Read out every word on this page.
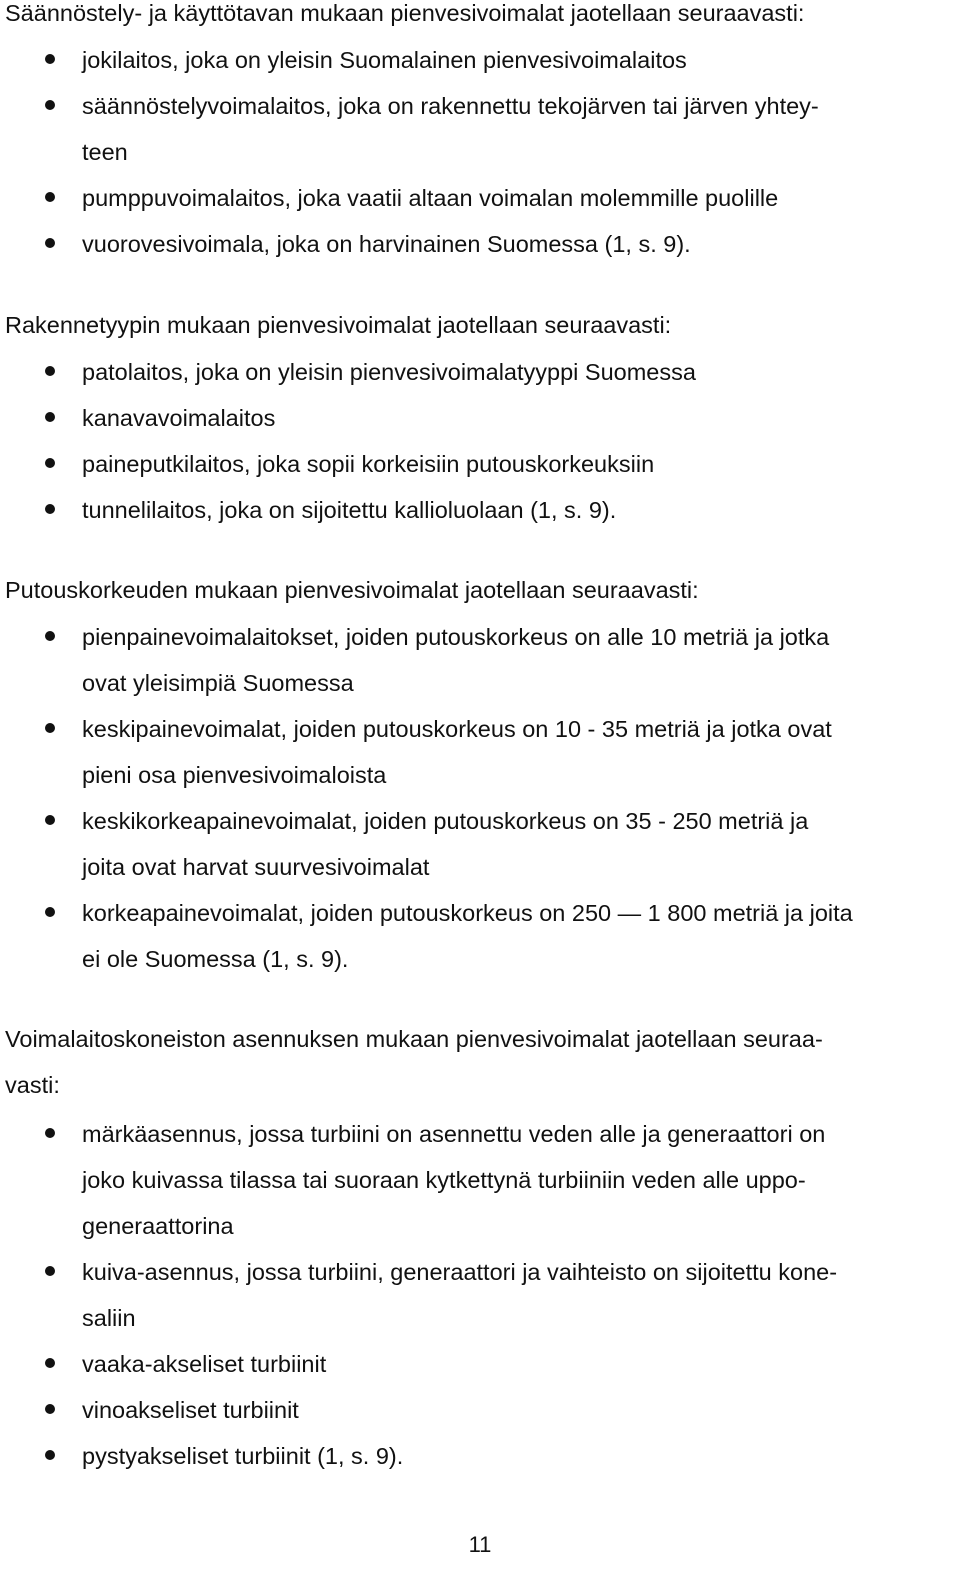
Säännöstely- ja käyttötavan mukaan pienvesivoimalat jaotellaan seuraavasti:
jokilaitos, joka on yleisin Suomalainen pienvesivoimalaitos
säännöstelyvoimalaitos, joka on rakennettu tekojärven tai järven yhtey-
teen
pumppuvoimalaitos, joka vaatii altaan voimalan molemmille puolille
vuorovesivoimala, joka on harvinainen Suomessa (1, s. 9).
Rakennetyypin mukaan pienvesivoimalat jaotellaan seuraavasti:
patolaitos, joka on yleisin pienvesivoimalatyyppi Suomessa
kanavavoimalaitos
paineputkilaitos, joka sopii korkeisiin putouskorkeuksiin
tunnelilaitos, joka on sijoitettu kallioluolaan (1, s. 9).
Putouskorkeuden mukaan pienvesivoimalat jaotellaan seuraavasti:
pienpainevoimalaitokset, joiden putouskorkeus on alle 10 metriä ja jotka
ovat yleisimpiä Suomessa
keskipainevoimalat, joiden putouskorkeus on 10 - 35 metriä ja jotka ovat
pieni osa pienvesivoimaloista
keskikorkeapainevoimalat, joiden putouskorkeus on 35 - 250 metriä ja
joita ovat harvat suurvesivoimalat
korkeapainevoimalat, joiden putouskorkeus on 250 — 1 800 metriä ja joita
ei ole Suomessa (1, s. 9).
Voimalaitoskoneiston asennuksen mukaan pienvesivoimalat jaotellaan seuraa-
vasti:
märkäasennus, jossa turbiini on asennettu veden alle ja generaattori on
joko kuivassa tilassa tai suoraan kytkettynä turbiiniin veden alle uppo-
generaattorina
kuiva-asennus, jossa turbiini, generaattori ja vaihteisto on sijoitettu kone-
saliin
vaaka-akseliset turbiinit
vinoakseliset turbiinit
pystyakseliset turbiinit (1, s. 9).
11
